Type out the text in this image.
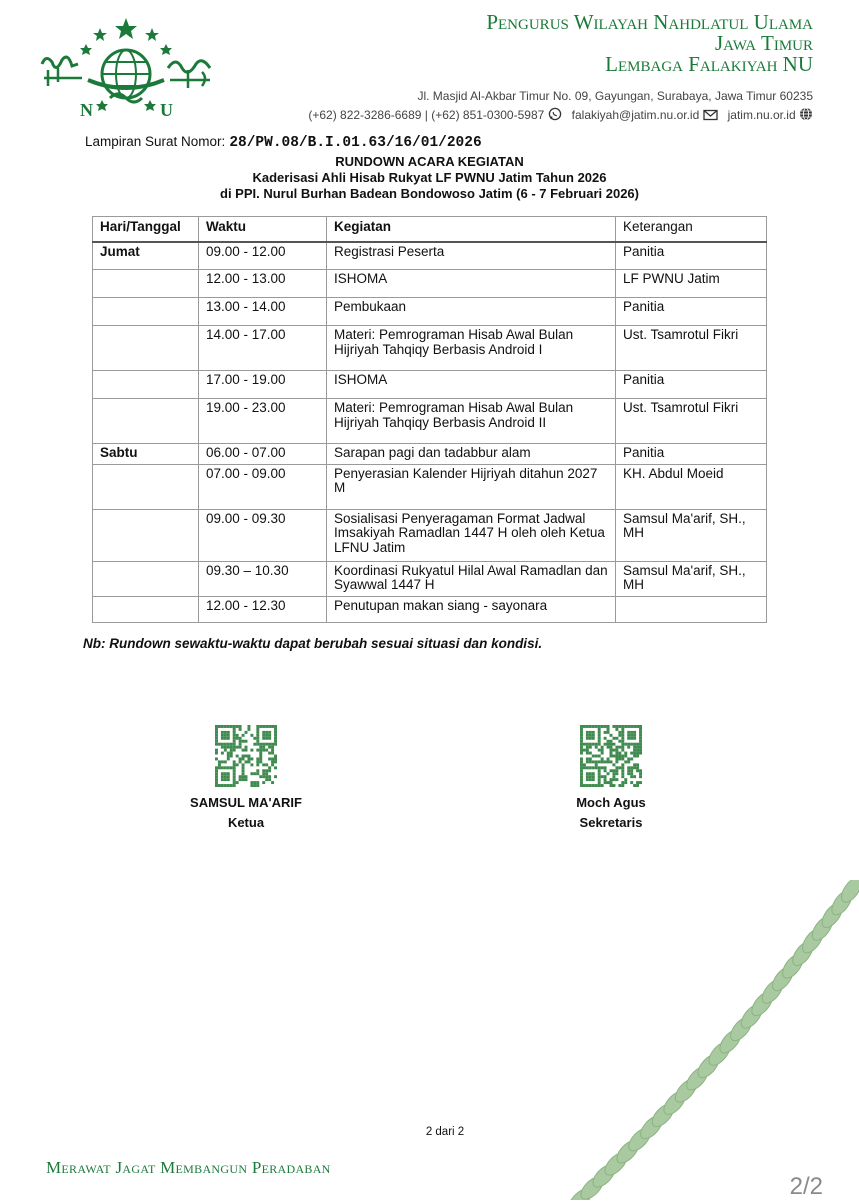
N	U
Pengurus Wilayah Nahdlatul Ulama
Jawa Timur
Lembaga Falakiyah NU
Jl. Masjid Al-Akbar Timur No. 09, Gayungan, Surabaya, Jawa Timur 60235
(+62) 822-3286-6689 | (+62) 851-0300-5987 falakiyah@jatim.nu.or.id jatim.nu.or.id
Lampiran Surat Nomor: 28/PW.08/B.I.01.63/16/01/2026
RUNDOWN ACARA KEGIATAN
Kaderisasi Ahli Hisab Rukyat LF PWNU Jatim Tahun 2026
di PPI. Nurul Burhan Badean Bondowoso Jatim (6 - 7 Februari 2026)
Hari/Tanggal	Waktu	Kegiatan	Keterangan
Jumat	09.00 - 12.00	Registrasi Peserta	Panitia
	12.00 - 13.00	ISHOMA	LF PWNU Jatim
	13.00 - 14.00	Pembukaan	Panitia
	14.00 - 17.00	Materi: Pemrograman Hisab Awal Bulan Hijriyah Tahqiqy Berbasis Android I	Ust. Tsamrotul Fikri
	17.00 - 19.00	ISHOMA	Panitia
	19.00 - 23.00	Materi: Pemrograman Hisab Awal Bulan Hijriyah Tahqiqy Berbasis Android II	Ust. Tsamrotul Fikri
Sabtu	06.00 - 07.00	Sarapan pagi dan tadabbur alam	Panitia
	07.00 - 09.00	Penyerasian Kalender Hijriyah ditahun 2027 M	KH. Abdul Moeid
	09.00 - 09.30	Sosialisasi Penyeragaman Format Jadwal Imsakiyah Ramadlan 1447 H oleh oleh Ketua LFNU Jatim	Samsul Ma'arif, SH., MH
	09.30 – 10.30	Koordinasi Rukyatul Hilal Awal Ramadlan dan Syawwal 1447 H	Samsul Ma'arif, SH., MH
	12.00 - 12.30	Penutupan makan siang - sayonara	
Nb: Rundown sewaktu-waktu dapat berubah sesuai situasi dan kondisi.
SAMSUL MA'ARIF
Ketua
Moch Agus
Sekretaris
2 dari 2
Merawat Jagat Membangun Peradaban
2/2
